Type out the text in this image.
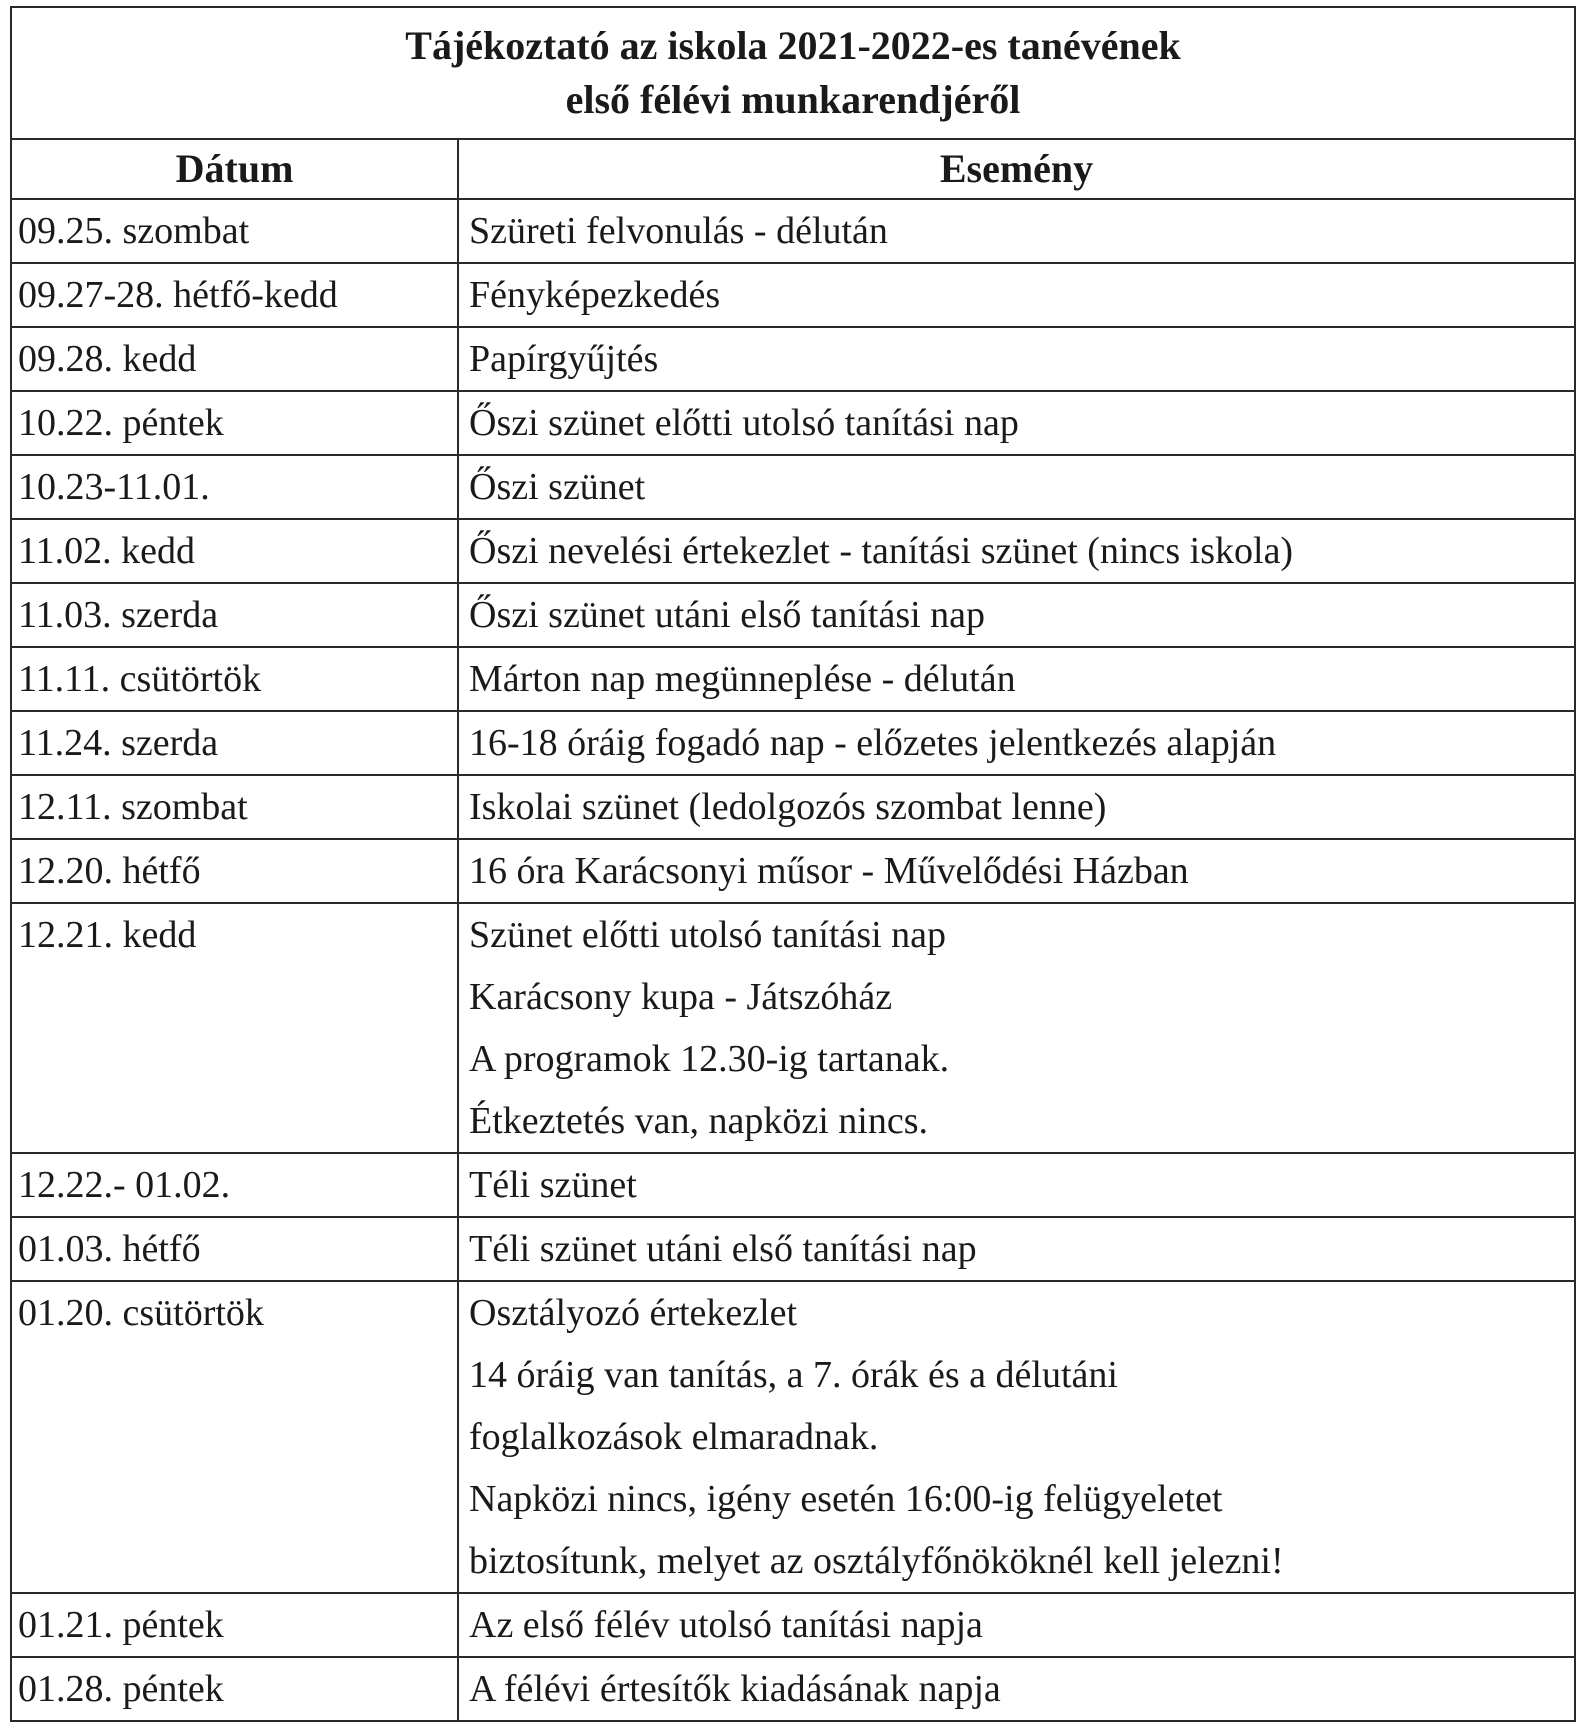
Tájékoztató az iskola 2021-2022-es tanévének
első félévi munkarendjéről
Dátum	Esemény
09.25. szombat	Szüreti felvonulás - délután

09.27-28. hétfő-kedd	Fényképezkedés

09.28. kedd	Papírgyűjtés

10.22. péntek	Őszi szünet előtti utolsó tanítási nap

10.23-11.01.	Őszi szünet

11.02. kedd	Őszi nevelési értekezlet - tanítási szünet (nincs iskola)

11.03. szerda	Őszi szünet utáni első tanítási nap

11.11. csütörtök	Márton nap megünneplése - délután

11.24. szerda	16-18 óráig fogadó nap - előzetes jelentkezés alapján

12.11. szombat	Iskolai szünet (ledolgozós szombat lenne)

12.20. hétfő	16 óra Karácsonyi műsor - Művelődési Házban

12.21. kedd	Szünet előtti utolsó tanítási nap
Karácsony kupa - Játszóház
A programok 12.30-ig tartanak.
Étkeztetés van, napközi nincs.

12.22.- 01.02.	Téli szünet

01.03. hétfő	Téli szünet utáni első tanítási nap

01.20. csütörtök	Osztályozó értekezlet
14 óráig van tanítás, a 7. órák és a délutáni
foglalkozások elmaradnak.
Napközi nincs, igény esetén 16:00-ig felügyeletet
biztosítunk, melyet az osztályfőnököknél kell jelezni!

01.21. péntek	Az első félév utolsó tanítási napja

01.28. péntek	A félévi értesítők kiadásának napja
